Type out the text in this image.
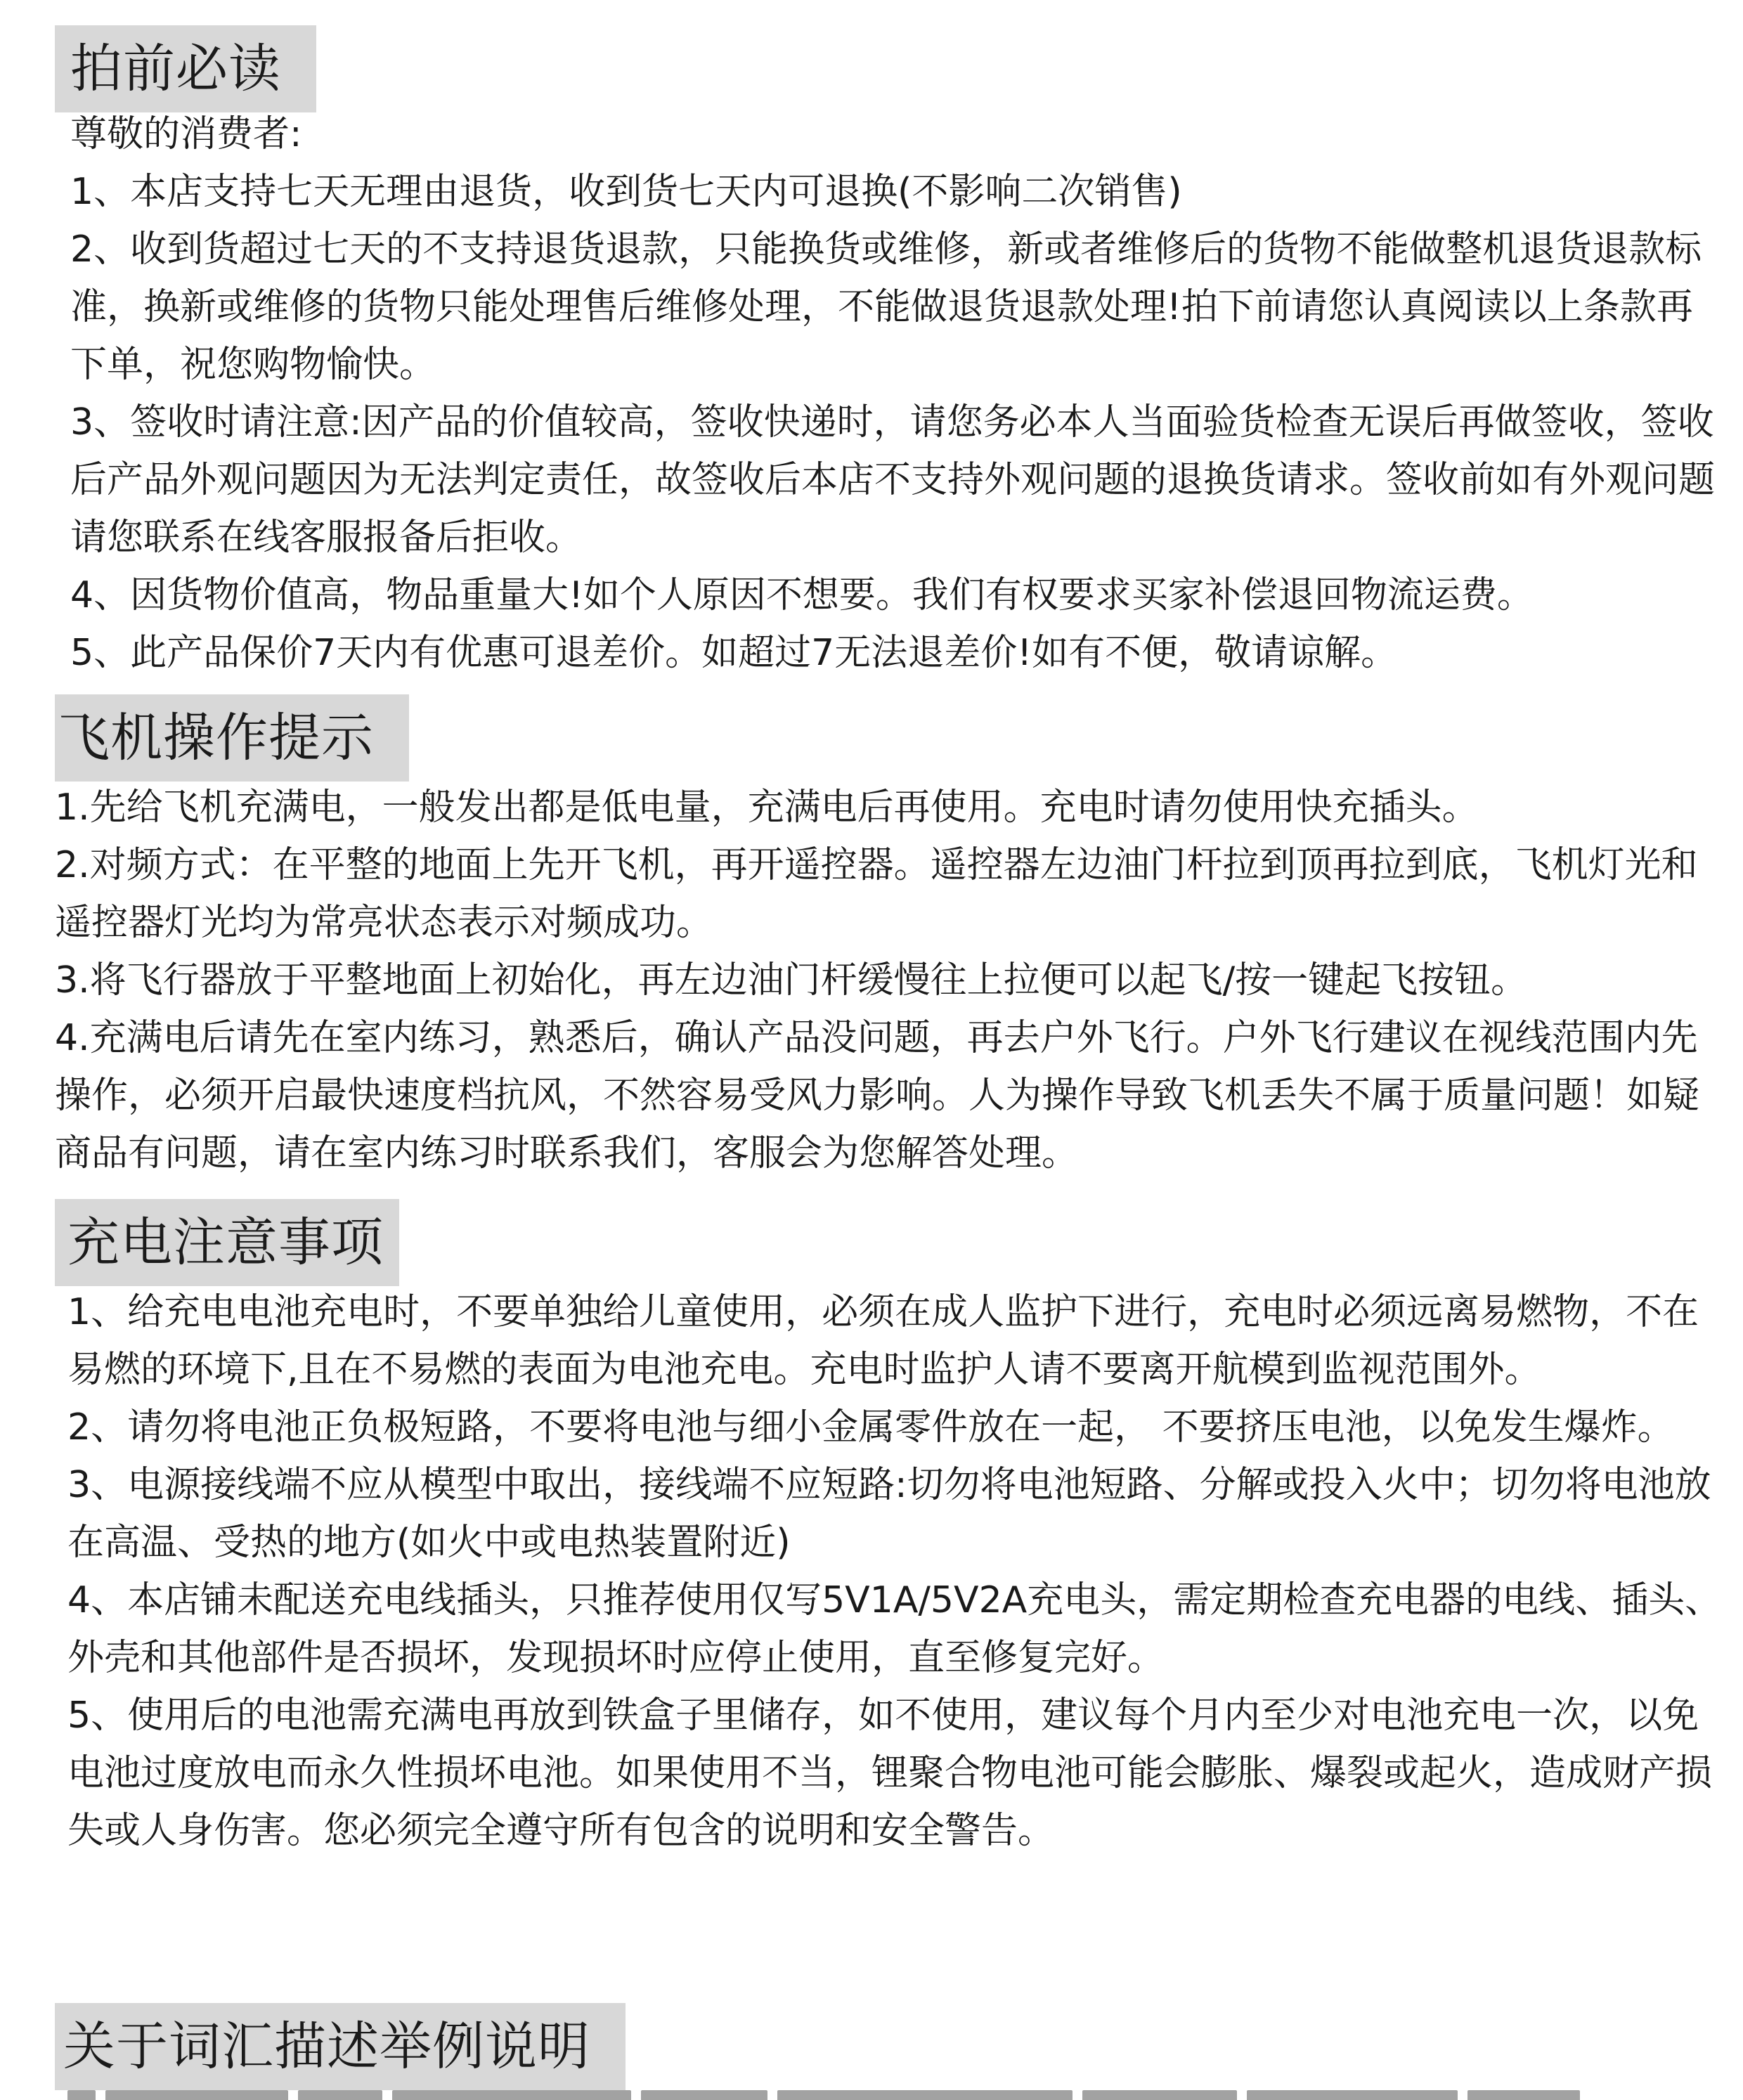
拍前必读

尊敬的消费者:

1、本店支持七天无理由退货，收到货七天内可退换(不影响二次销售)

2、收到货超过七天的不支持退货退款，只能换货或维修，新或者维修后的货物不能做整机退货退款标准，换新或维修的货物只能处理售后维修处理，不能做退货退款处理!拍下前请您认真阅读以上条款再下单，祝您购物愉快。

3、签收时请注意:因产品的价值较高，签收快递时，请您务必本人当面验货检查无误后再做签收，签收后产品外观问题因为无法判定责任，故签收后本店不支持外观问题的退换货请求。签收前如有外观问题请您联系在线客服报备后拒收。

4、因货物价值高，物品重量大!如个人原因不想要。我们有权要求买家补偿退回物流运费。

5、此产品保价7天内有优惠可退差价。如超过7无法退差价!如有不便，敬请谅解。

飞机操作提示

1.先给飞机充满电，一般发出都是低电量，充满电后再使用。充电时请勿使用快充插头。

2.对频方式：在平整的地面上先开飞机，再开遥控器。遥控器左边油门杆拉到顶再拉到底，飞机灯光和遥控器灯光均为常亮状态表示对频成功。

3.将飞行器放于平整地面上初始化，再左边油门杆缓慢往上拉便可以起飞/按一键起飞按钮。

4.充满电后请先在室内练习，熟悉后，确认产品没问题，再去户外飞行。户外飞行建议在视线范围内先操作，必须开启最快速度档抗风，不然容易受风力影响。人为操作导致飞机丢失不属于质量问题！如疑商品有问题，请在室内练习时联系我们，客服会为您解答处理。

充电注意事项

1、给充电电池充电时，不要单独给儿童使用，必须在成人监护下进行，充电时必须远离易燃物，不在易燃的环境下,且在不易燃的表面为电池充电。充电时监护人请不要离开航模到监视范围外。

2、请勿将电池正负极短路，不要将电池与细小金属零件放在一起， 不要挤压电池，以免发生爆炸。

3、电源接线端不应从模型中取出，接线端不应短路:切勿将电池短路、分解或投入火中；切勿将电池放在高温、受热的地方(如火中或电热装置附近)

4、本店铺未配送充电线插头，只推荐使用仅写5V1A/5V2A充电头，需定期检查充电器的电线、插头、外壳和其他部件是否损坏，发现损坏时应停止使用，直至修复完好。

5、使用后的电池需充满电再放到铁盒子里储存，如不使用，建议每个月内至少对电池充电一次，以免电池过度放电而永久性损坏电池。如果使用不当，锂聚合物电池可能会膨胀、爆裂或起火，造成财产损失或人身伤害。您必须完全遵守所有包含的说明和安全警告。

关于词汇描述举例说明
